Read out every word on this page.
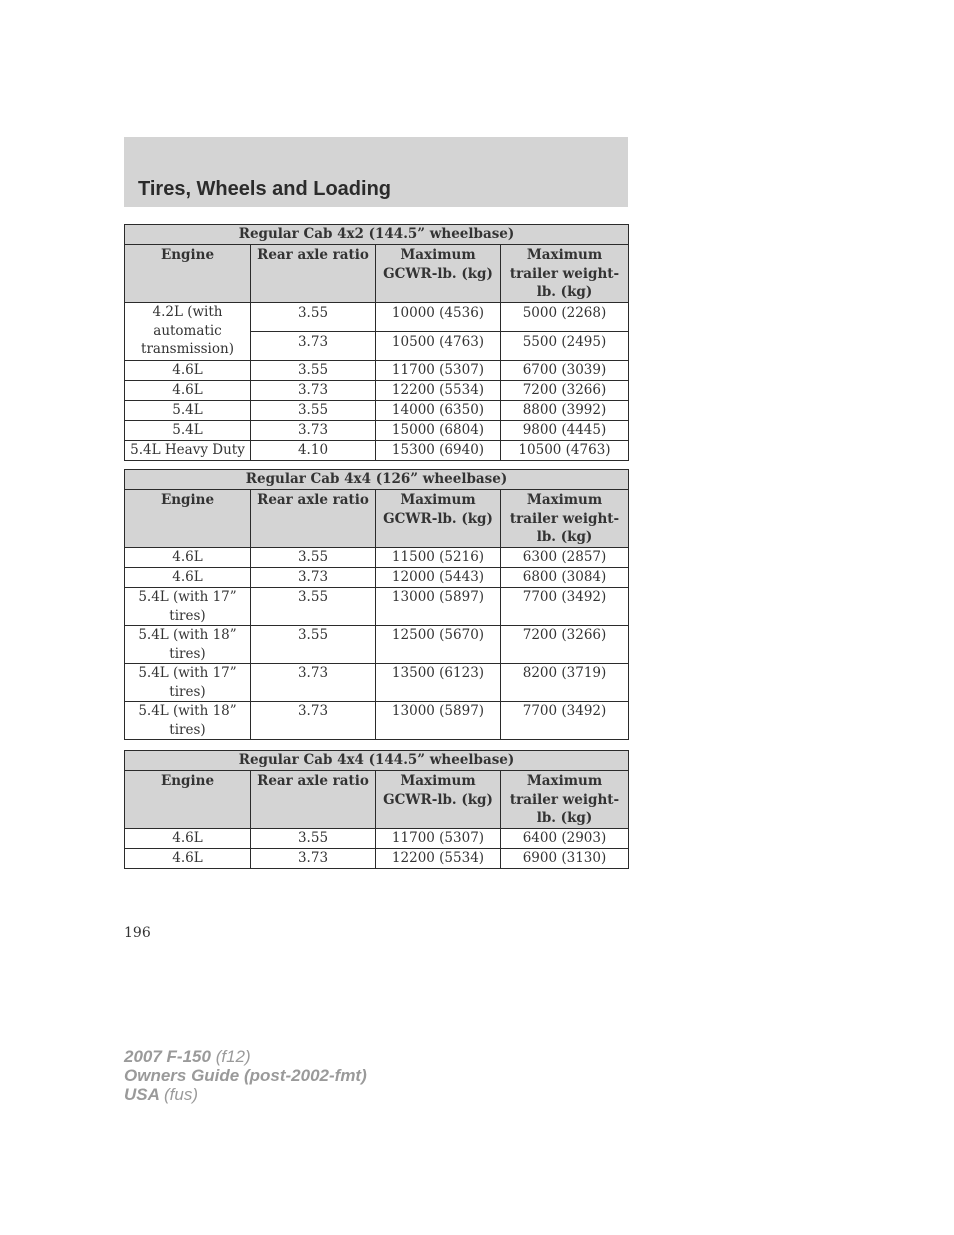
Tires, Wheels and Loading
Regular Cab 4x2 (144.5” wheelbase)			
Engine	Rear axle ratio	Maximum GCWR-lb. (kg)	Maximum trailer weight-lb. (kg)
4.2L (with automatic transmission)	3.55	10000 (4536)	5000 (2268)
	3.73	10500 (4763)	5500 (2495)
4.6L	3.55	11700 (5307)	6700 (3039)
4.6L	3.73	12200 (5534)	7200 (3266)
5.4L	3.55	14000 (6350)	8800 (3992)
5.4L	3.73	15000 (6804)	9800 (4445)
5.4L Heavy Duty	4.10	15300 (6940)	10500 (4763)
Regular Cab 4x4 (126” wheelbase)			
Engine	Rear axle ratio	Maximum GCWR-lb. (kg)	Maximum trailer weight-lb. (kg)
4.6L	3.55	11500 (5216)	6300 (2857)
4.6L	3.73	12000 (5443)	6800 (3084)
5.4L (with 17” tires)	3.55	13000 (5897)	7700 (3492)
5.4L (with 18” tires)	3.55	12500 (5670)	7200 (3266)
5.4L (with 17” tires)	3.73	13500 (6123)	8200 (3719)
5.4L (with 18” tires)	3.73	13000 (5897)	7700 (3492)
Regular Cab 4x4 (144.5” wheelbase)			
Engine	Rear axle ratio	Maximum GCWR-lb. (kg)	Maximum trailer weight-lb. (kg)
4.6L	3.55	11700 (5307)	6400 (2903)
4.6L	3.73	12200 (5534)	6900 (3130)
196
2007 F-150 (f12)
Owners Guide (post-2002-fmt)
USA (fus)
